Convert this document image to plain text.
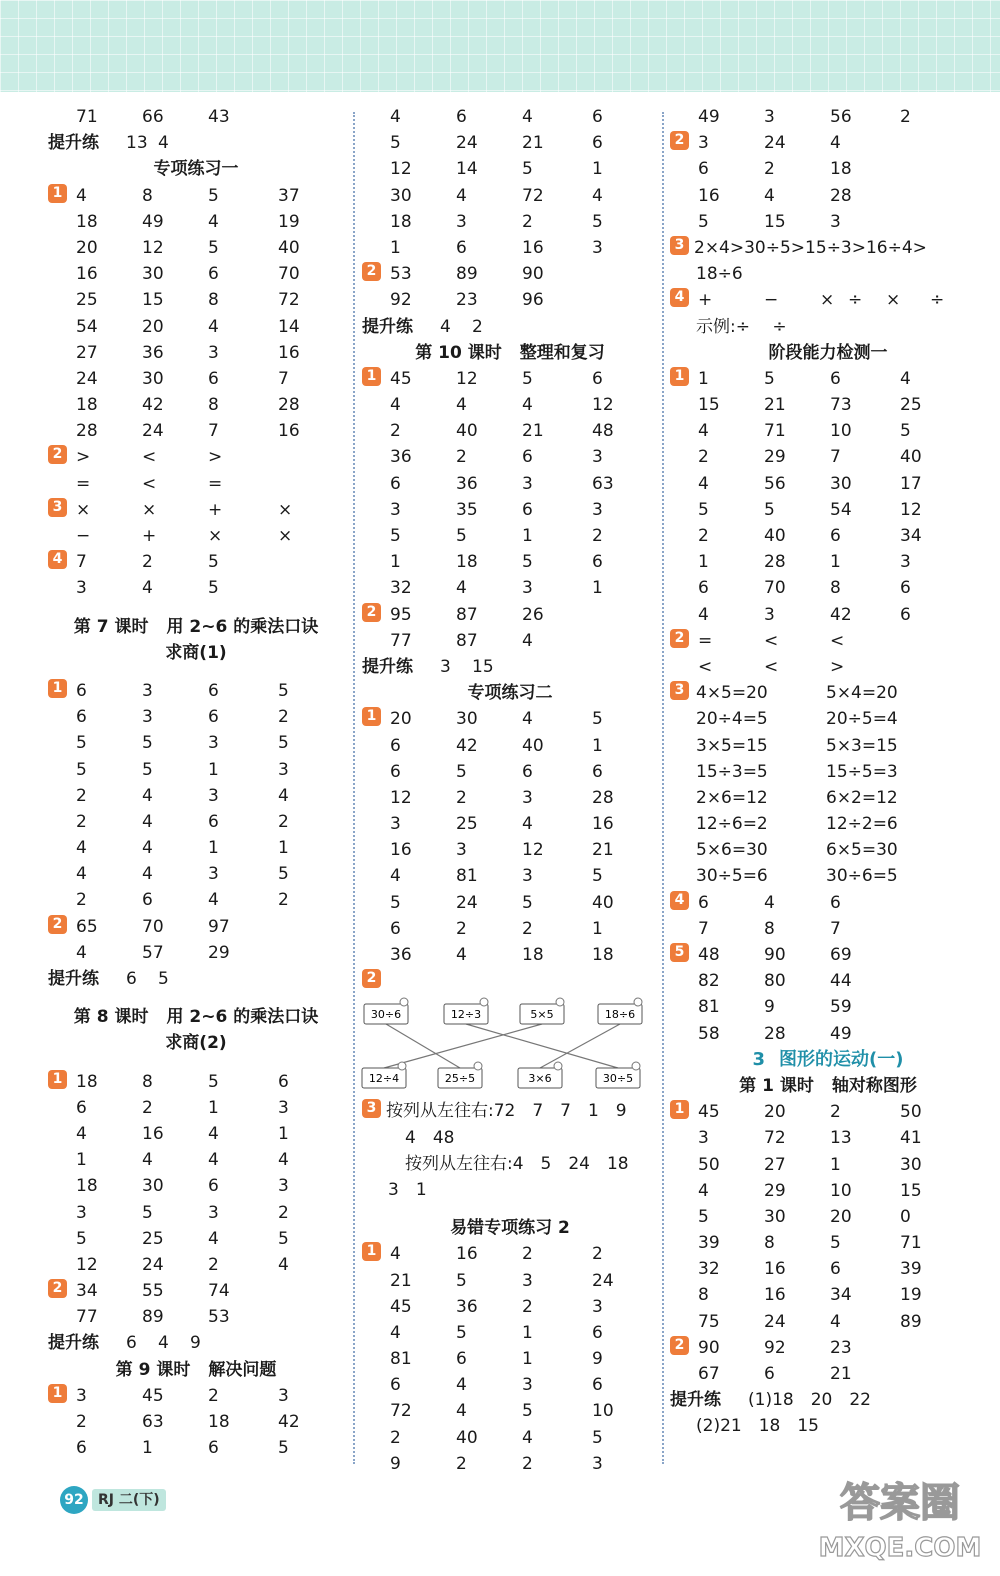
71	66	43
提升练 13 4
专项练习一
1 4	8	5	37
18	49	4	19
20	12	5	40
16	30	6	70
25	15	8	72
54	20	4	14
27	36	3	16
24	30	6	7
18	42	8	28
28	24	7	16
2 >	<	>
=	<	=
3 ×	×	+	×
−	+	×	×
4 7	2	5
3	4	5
第 7 课时 用 2~6 的乘法口诀
求商(1)
1 6	3	6	5
6	3	6	2
5	5	3	5
5	5	1	3
2	4	3	4
2	4	6	2
4	4	1	1
4	4	3	5
2	6	4	2
2 65	70	97
4	57	29
提升练 6 5
第 8 课时 用 2~6 的乘法口诀
求商(2)
1 18	8	5	6
6	2	1	3
4	16	4	1
1	4	4	4
18	30	6	3
3	5	3	2
5	25	4	5
12	24	2	4
2 34	55	74
77	89	53
提升练 6 4 9
第 9 课时 解决问题
1 3	45	2	3
2	63	18	42
6	1	6	5
4	6	4	6
5	24	21	6
12	14	5	1
30	4	72	4
18	3	2	5
1	6	16	3
2 53	89	90
92	23	96
提升练 4 2
第 10 课时 整理和复习
1 45	12	5	6
4	4	4	12
2	40	21	48
36	2	6	3
6	36	3	63
3	35	6	3
5	5	1	2
1	18	5	6
32	4	3	1
2 95	87	26
77	87	4
提升练 3 15
专项练习二
1 20	30	4	5
6	42	40	1
6	5	6	6
12	2	3	28
3	25	4	16
16	3	12	21
4	81	3	5
5	24	5	40
6	2	2	1
36	4	18	18
2
30÷6	12÷3	5×5	18÷6
12÷4	25÷5	3×6	30÷5
3 按列从左往右:72　7　7　1　9
　4　48
　按列从左往右:4　5　24　18
3　1
易错专项练习 2
1 4	16	2	2
21	5	3	24
45	36	2	3
4	5	1	6
81	6	1	9
6	4	3	6
72	4	5	10
2	40	4	5
9	2	2	3
49	3	56	2
2 3	24	4
6	2	18
16	4	28
5	15	3
3 2×4>30÷5>15÷3>16÷4>
18÷6
4 +	− × ÷ × ÷
示例:÷　 ÷
阶段能力检测一
1 1	5	6	4
15	21	73	25
4	71	10	5
2	29	7	40
4	56	30	17
5	5	54	12
2	40	6	34
1	28	1	3
6	70	8	6
4	3	42	6
2 =	<	<
<	<	>
3 4×5=20	5×4=20
20÷4=5	20÷5=4
3×5=15	5×3=15
15÷3=5	15÷5=3
2×6=12	6×2=12
12÷6=2	12÷2=6
5×6=30	6×5=30
30÷5=6	30÷6=5
4 6	4	6
7	8	7
5 48	90	69
82	80	44
81	9	59
58	28	49
3 图形的运动(一)
第 1 课时 轴对称图形
1 45	20	2	50
3	72	13	41
50	27	1	30
4	29	10	15
5	30	20	0
39	8	5	71
32	16	6	39
8	16	34	19
75	24	4	89
2 90	92	23
67	6	21
提升练 (1)18　20　22
(2)21　18　15
92	RJ 二(下)	答案圈
MXQE.COM
